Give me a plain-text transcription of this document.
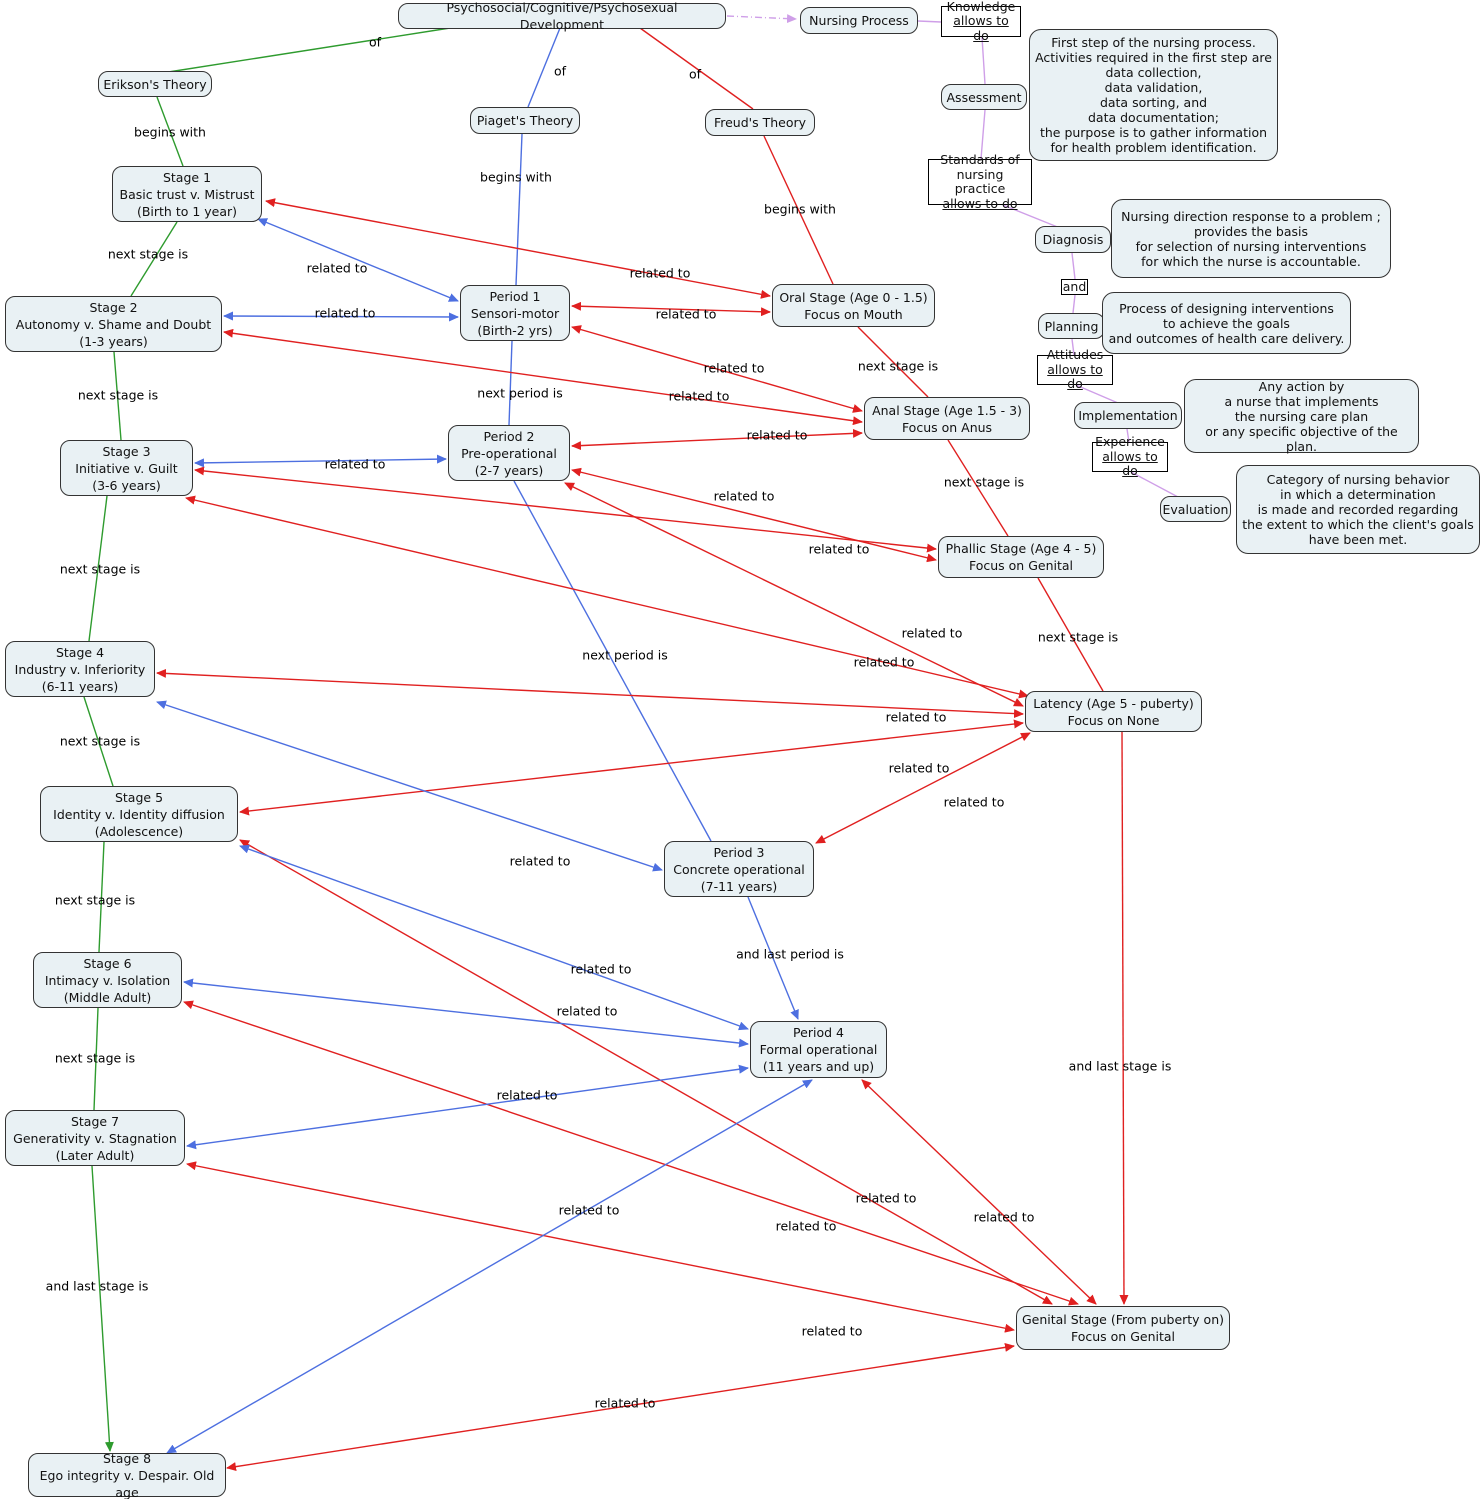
Psychosocial/Cognitive/Psychosexual Development	Nursing Process
Knowledge
allows to do
Assessment
First step of the nursing process.
Activities required in the first step are
data collection,
data validation,
data sorting, and
data documentation;
the purpose is to gather information
for health problem identification.
Standards of
nursing practice
allows to do
Diagnosis
Nursing direction response to a problem ;
provides the basis
for selection of nursing interventions
for which the nurse is accountable.
and
Planning
Process of designing interventions
to achieve the goals
and outcomes of health care delivery.
Attitudes
allows to do
Implementation
Any action by
a nurse that implements
the nursing care plan
or any specific objective of the plan.
Experience
allows to do
Evaluation
Category of nursing behavior
in which a determination
is made and recorded regarding
the extent to which the client's goals
have been met.
Erikson's Theory
Piaget's Theory	Freud's Theory
Stage 1
Basic trust v. Mistrust
(Birth to 1 year)
Stage 2
Autonomy v. Shame and Doubt
(1-3 years)
Stage 3
Initiative v. Guilt
(3-6 years)
Stage 4
Industry v. Inferiority
(6-11 years)
Stage 5
Identity v. Identity diffusion
(Adolescence)
Stage 6
Intimacy v. Isolation
(Middle Adult)
Stage 7
Generativity v. Stagnation
(Later Adult)
Stage 8
Ego integrity v. Despair. Old age
Period 1
Sensori-motor
(Birth-2 yrs)
Period 2
Pre-operational
(2-7 years)
Period 3
Concrete operational
(7-11 years)
Period 4
Formal operational
(11 years and up)
Oral Stage (Age 0 - 1.5)
Focus on Mouth
Anal Stage (Age 1.5 - 3)
Focus on Anus
Phallic Stage (Age 4 - 5)
Focus on Genital
Latency (Age 5 - puberty)
Focus on None
Genital Stage (From puberty on)
Focus on Genital
of
of	of
begins with
begins with
begins with
next stage is
next stage is
next stage is
next stage is
next stage is
next stage is
and last stage is
next period is
next period is
and last period is
next stage is
next stage is
next stage is
and last stage is
related to
related to
related to
related to
related to
related to
related to
related to
related to
related to
related to
related to
related to
related to
related to
related to
related to
related to
related to
related to
related to
related to
related to
related to
related to
